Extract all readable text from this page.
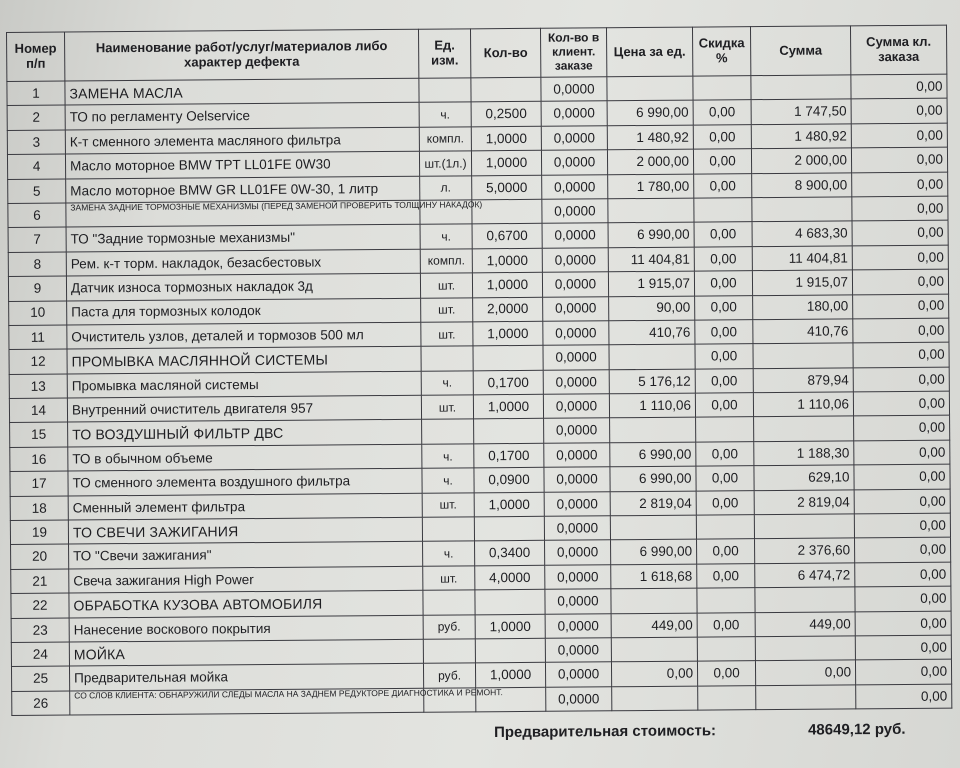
Номер п/п	Наименование работ/услуг/материалов либо характер дефекта	Ед. изм.	Кол-во	Кол-во в клиент. заказе	Цена за ед.	Скидка %	Сумма	Сумма кл. заказа
1	ЗАМЕНА МАСЛА			0,0000				0,00
2	ТО по регламенту Oelservice	ч.	0,2500	0,0000	6 990,00	0,00	1 747,50	0,00
3	К-т сменного элемента масляного фильтра	компл.	1,0000	0,0000	1 480,92	0,00	1 480,92	0,00
4	Масло моторное BMW TPT LL01FE 0W30	шт.(1л.)	1,0000	0,0000	2 000,00	0,00	2 000,00	0,00
5	Масло моторное BMW GR LL01FE 0W-30, 1 литр	л.	5,0000	0,0000	1 780,00	0,00	8 900,00	0,00
6	ЗАМЕНА ЗАДНИЕ ТОРМОЗНЫЕ МЕХАНИЗМЫ (ПЕРЕД ЗАМЕНОЙ ПРОВЕРИТЬ ТОЛЩИНУ НАКАДОК)			0,0000				0,00
7	ТО "Задние тормозные механизмы"	ч.	0,6700	0,0000	6 990,00	0,00	4 683,30	0,00
8	Рем. к-т торм. накладок, безасбестовых	компл.	1,0000	0,0000	11 404,81	0,00	11 404,81	0,00
9	Датчик износа тормозных накладок 3д	шт.	1,0000	0,0000	1 915,07	0,00	1 915,07	0,00
10	Паста для тормозных колодок	шт.	2,0000	0,0000	90,00	0,00	180,00	0,00
11	Очиститель узлов, деталей и тормозов 500 мл	шт.	1,0000	0,0000	410,76	0,00	410,76	0,00
12	ПРОМЫВКА МАСЛЯННОЙ СИСТЕМЫ			0,0000		0,00		0,00
13	Промывка масляной системы	ч.	0,1700	0,0000	5 176,12	0,00	879,94	0,00
14	Внутренний очиститель двигателя 957	шт.	1,0000	0,0000	1 110,06	0,00	1 110,06	0,00
15	ТО ВОЗДУШНЫЙ ФИЛЬТР ДВС			0,0000				0,00
16	ТО в обычном объеме	ч.	0,1700	0,0000	6 990,00	0,00	1 188,30	0,00
17	ТО сменного элемента воздушного фильтра	ч.	0,0900	0,0000	6 990,00	0,00	629,10	0,00
18	Сменный элемент фильтра	шт.	1,0000	0,0000	2 819,04	0,00	2 819,04	0,00
19	ТО СВЕЧИ ЗАЖИГАНИЯ			0,0000				0,00
20	ТО "Свечи зажигания"	ч.	0,3400	0,0000	6 990,00	0,00	2 376,60	0,00
21	Свеча зажигания High Power	шт.	4,0000	0,0000	1 618,68	0,00	6 474,72	0,00
22	ОБРАБОТКА КУЗОВА АВТОМОБИЛЯ			0,0000				0,00
23	Нанесение воскового покрытия	руб.	1,0000	0,0000	449,00	0,00	449,00	0,00
24	МОЙКА			0,0000				0,00
25	Предварительная мойка	руб.	1,0000	0,0000	0,00	0,00	0,00	0,00
26	СО СЛОВ КЛИЕНТА: ОБНАРУЖИЛИ СЛЕДЫ МАСЛА НА ЗАДНЕМ РЕДУКТОРЕ ДИАГНОСТИКА И РЕМОНТ.			0,0000				0,00
Предварительная стоимость:	48649,12 руб.
